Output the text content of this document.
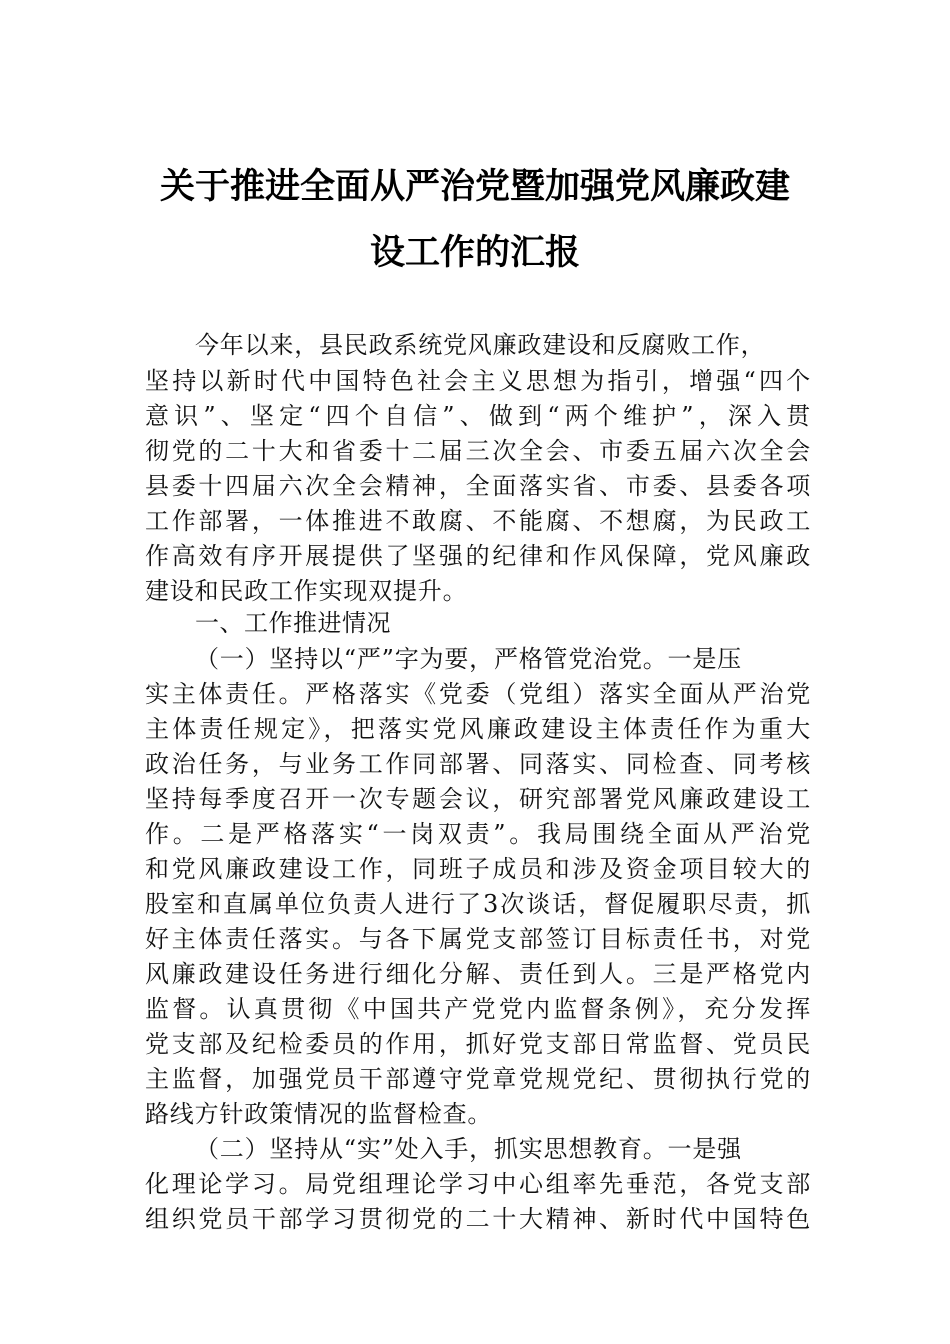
关于推进全面从严治党暨加强党风廉政建
设工作的汇报
今年以来，县民政系统党风廉政建设和反腐败工作，
坚持以新时代中国特色社会主义思想为指引，增强“四个
意识”、坚定“四个自信”、做到“两个维护”，深入贯
彻党的二十大和省委十二届三次全会、市委五届六次全会
县委十四届六次全会精神，全面落实省、市委、县委各项
工作部署，一体推进不敢腐、不能腐、不想腐，为民政工
作高效有序开展提供了坚强的纪律和作风保障，党风廉政
建设和民政工作实现双提升。
一、工作推进情况
（一）坚持以“严”字为要，严格管党治党。一是压
实主体责任。严格落实《党委（党组）落实全面从严治党
主体责任规定》，把落实党风廉政建设主体责任作为重大
政治任务，与业务工作同部署、同落实、同检查、同考核
坚持每季度召开一次专题会议，研究部署党风廉政建设工
作。二是严格落实“一岗双责”。我局围绕全面从严治党
和党风廉政建设工作，同班子成员和涉及资金项目较大的
股室和直属单位负责人进行了3次谈话，督促履职尽责，抓
好主体责任落实。与各下属党支部签订目标责任书，对党
风廉政建设任务进行细化分解、责任到人。三是严格党内
监督。认真贯彻《中国共产党党内监督条例》，充分发挥
党支部及纪检委员的作用，抓好党支部日常监督、党员民
主监督，加强党员干部遵守党章党规党纪、贯彻执行党的
路线方针政策情况的监督检查。
（二）坚持从“实”处入手，抓实思想教育。一是强
化理论学习。局党组理论学习中心组率先垂范，各党支部
组织党员干部学习贯彻党的二十大精神、新时代中国特色
